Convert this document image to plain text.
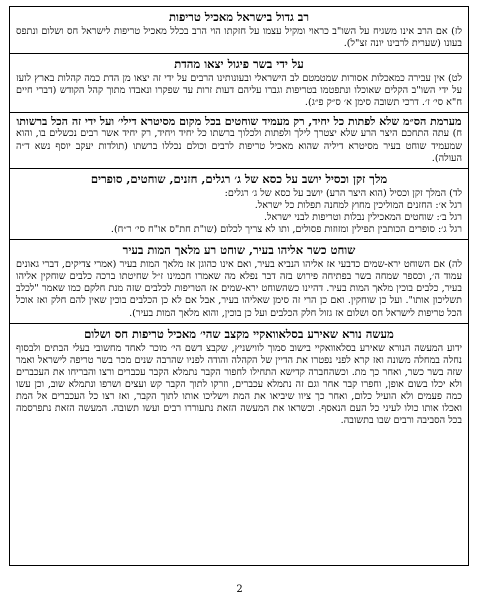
רב גדול בישראל מאכיל טריפות
לז) אם הרב אינו משגיח על השו"ב כראוי ומקיל עצמו על חזקתו הוי הרב בכלל מאכיל טריפות לישראל חס ושלום ונתפס בעונו (שערית לרבינו יונה זצ"ל).
על ידי בשר פיגול יצאו מהדת
לט) אין עבירה כמאכלות אסורות שמטמטם לב הישראלי ובעונותינו הרבים על ידי זה יצאו מן הדת כמה קהלות בארץ לועז על ידי השו"ב הקלים שאוכלו ונתפטמו בטריפות וגברו עליהם דעות זרות עד שפקרו ונאבדו מתוך קהל הקודש (דברי חיים ח"א סי׳ ז׳. דרכי תשובה סימן א׳ ס״ק פ״ג).
מערמת הס״מ שלא לפתות כל יחיד, רק מעמיד שוחטים בכל מקום מסיטרא דילי׳ ועל ידי זה הכל ברשותו
ח) עתה התחכם היצר הרע שלא יצטרך לילך ולפתות ולכלוך ברשתו כל יחיד ויחיד, רק יחיד אשר רבים נכשלים בו, והוא שמעמיד שוחט בעיר מסיטרא דיליה שהוא מאכיל טריפות לרבים וכולם נכללו ברשתו (תולדות יעקב יוסף נשא ד״ה העולה).
מלך זקן וכסיל יושב על כסא של ג׳ רגלים, חזנים, שוחטים, סופרים
לד) המלך זקן וכסיל (הוא היצר הרע) יושב על כסא של ג׳ רגלים:
רגל א׳: החזנים המוליכין מחוץ למחנה תפלות כל ישראל.
רגל ב׳: שוחטים המאכילין נבלות וטריפות לבני ישראל.
רגל ג׳: סופרים הכותבין תפילין ומזוזות פסולים, ותו לא צריך לכלום (שו"ת חת"ס או"ח סי׳ ר״ח).
שוחט כשר אליהו בעיר, שוחט רע מלאך המות בעיר
לה) אם השוחט ירא-שמים כדבעי אז אליהו הנביא בעיר, ואם אינו כהוגן אז מלאך המות בעיר (אמרי צדיקים, דברי גאונים עמוד ה׳, וכספר שמחה בשר בפתיחה פירוש בזה דבר נפלא מה שאמרו חכמינו ז״ל שחיטתו ברכה כלבים שוחקין אליהו בעיר, כלבים בוכין מלאך המות בעיר. דהיינו כשהשוחט ירא-שמים אז הטריפות לכלבים שזה מנת חלקם כמו שאמר "לכלב תשליכון אותו". ועל כן שוחקין. ואם כן הרי זה סימן שאליהו בעיר, אבל אם לא כן הכלבים בוכין שאין להם חלק ואז אוכל הכל טריפות לישראל חס ושלום אז גזול חלק הכלבים ועל כן בוכין, והוא מלאך המות בעיר).
מעשה נורא שאירע בסלאוואקיי מקצב שהי׳ מאכיל טריפות חס ושלום
ידוע המעשה הנורא שאירע בסלאוואקיי בישוב סמוך לווישניץ, שקבצ דשם הי׳ מוכר לאחד מחשובי בעלי הבתים ולבסוף נחלה במחלה משונה ואז קרא לפני נפטרו את הדיין של הקהלה והודה לפניו שהרבה שנים מכר בשר טריפה לישראל ואמר שזה בשר כשר, ואחר כך מת. וכשהחברה קדישא התחילו לחפור הקבר נתמלא הקבר עכברים ורצו והבריחו את העכברים ולא יכלו בשום אופן, וחפרו קבר אחר וגם זה נתמלא עכברים, וזרקו לתוך הקבר קש ועצים ושרפו ונתמלא שוב, וכן עשו כמה פעמים ולא הועיל כלום, ואחר כך ציוו שיביאו את המת וישליכו אותו לתוך הקבר, ואז רצו כל העכברים אל המת ואכלו אותו כולו לעיני כל העם הנאסף. וכשראו את המעשה הזאת נתעוררו רבים ועשו תשובה. המעשה הזאת נתפרסמה בכל הסביבה ורבים שבו בתשובה.
2
